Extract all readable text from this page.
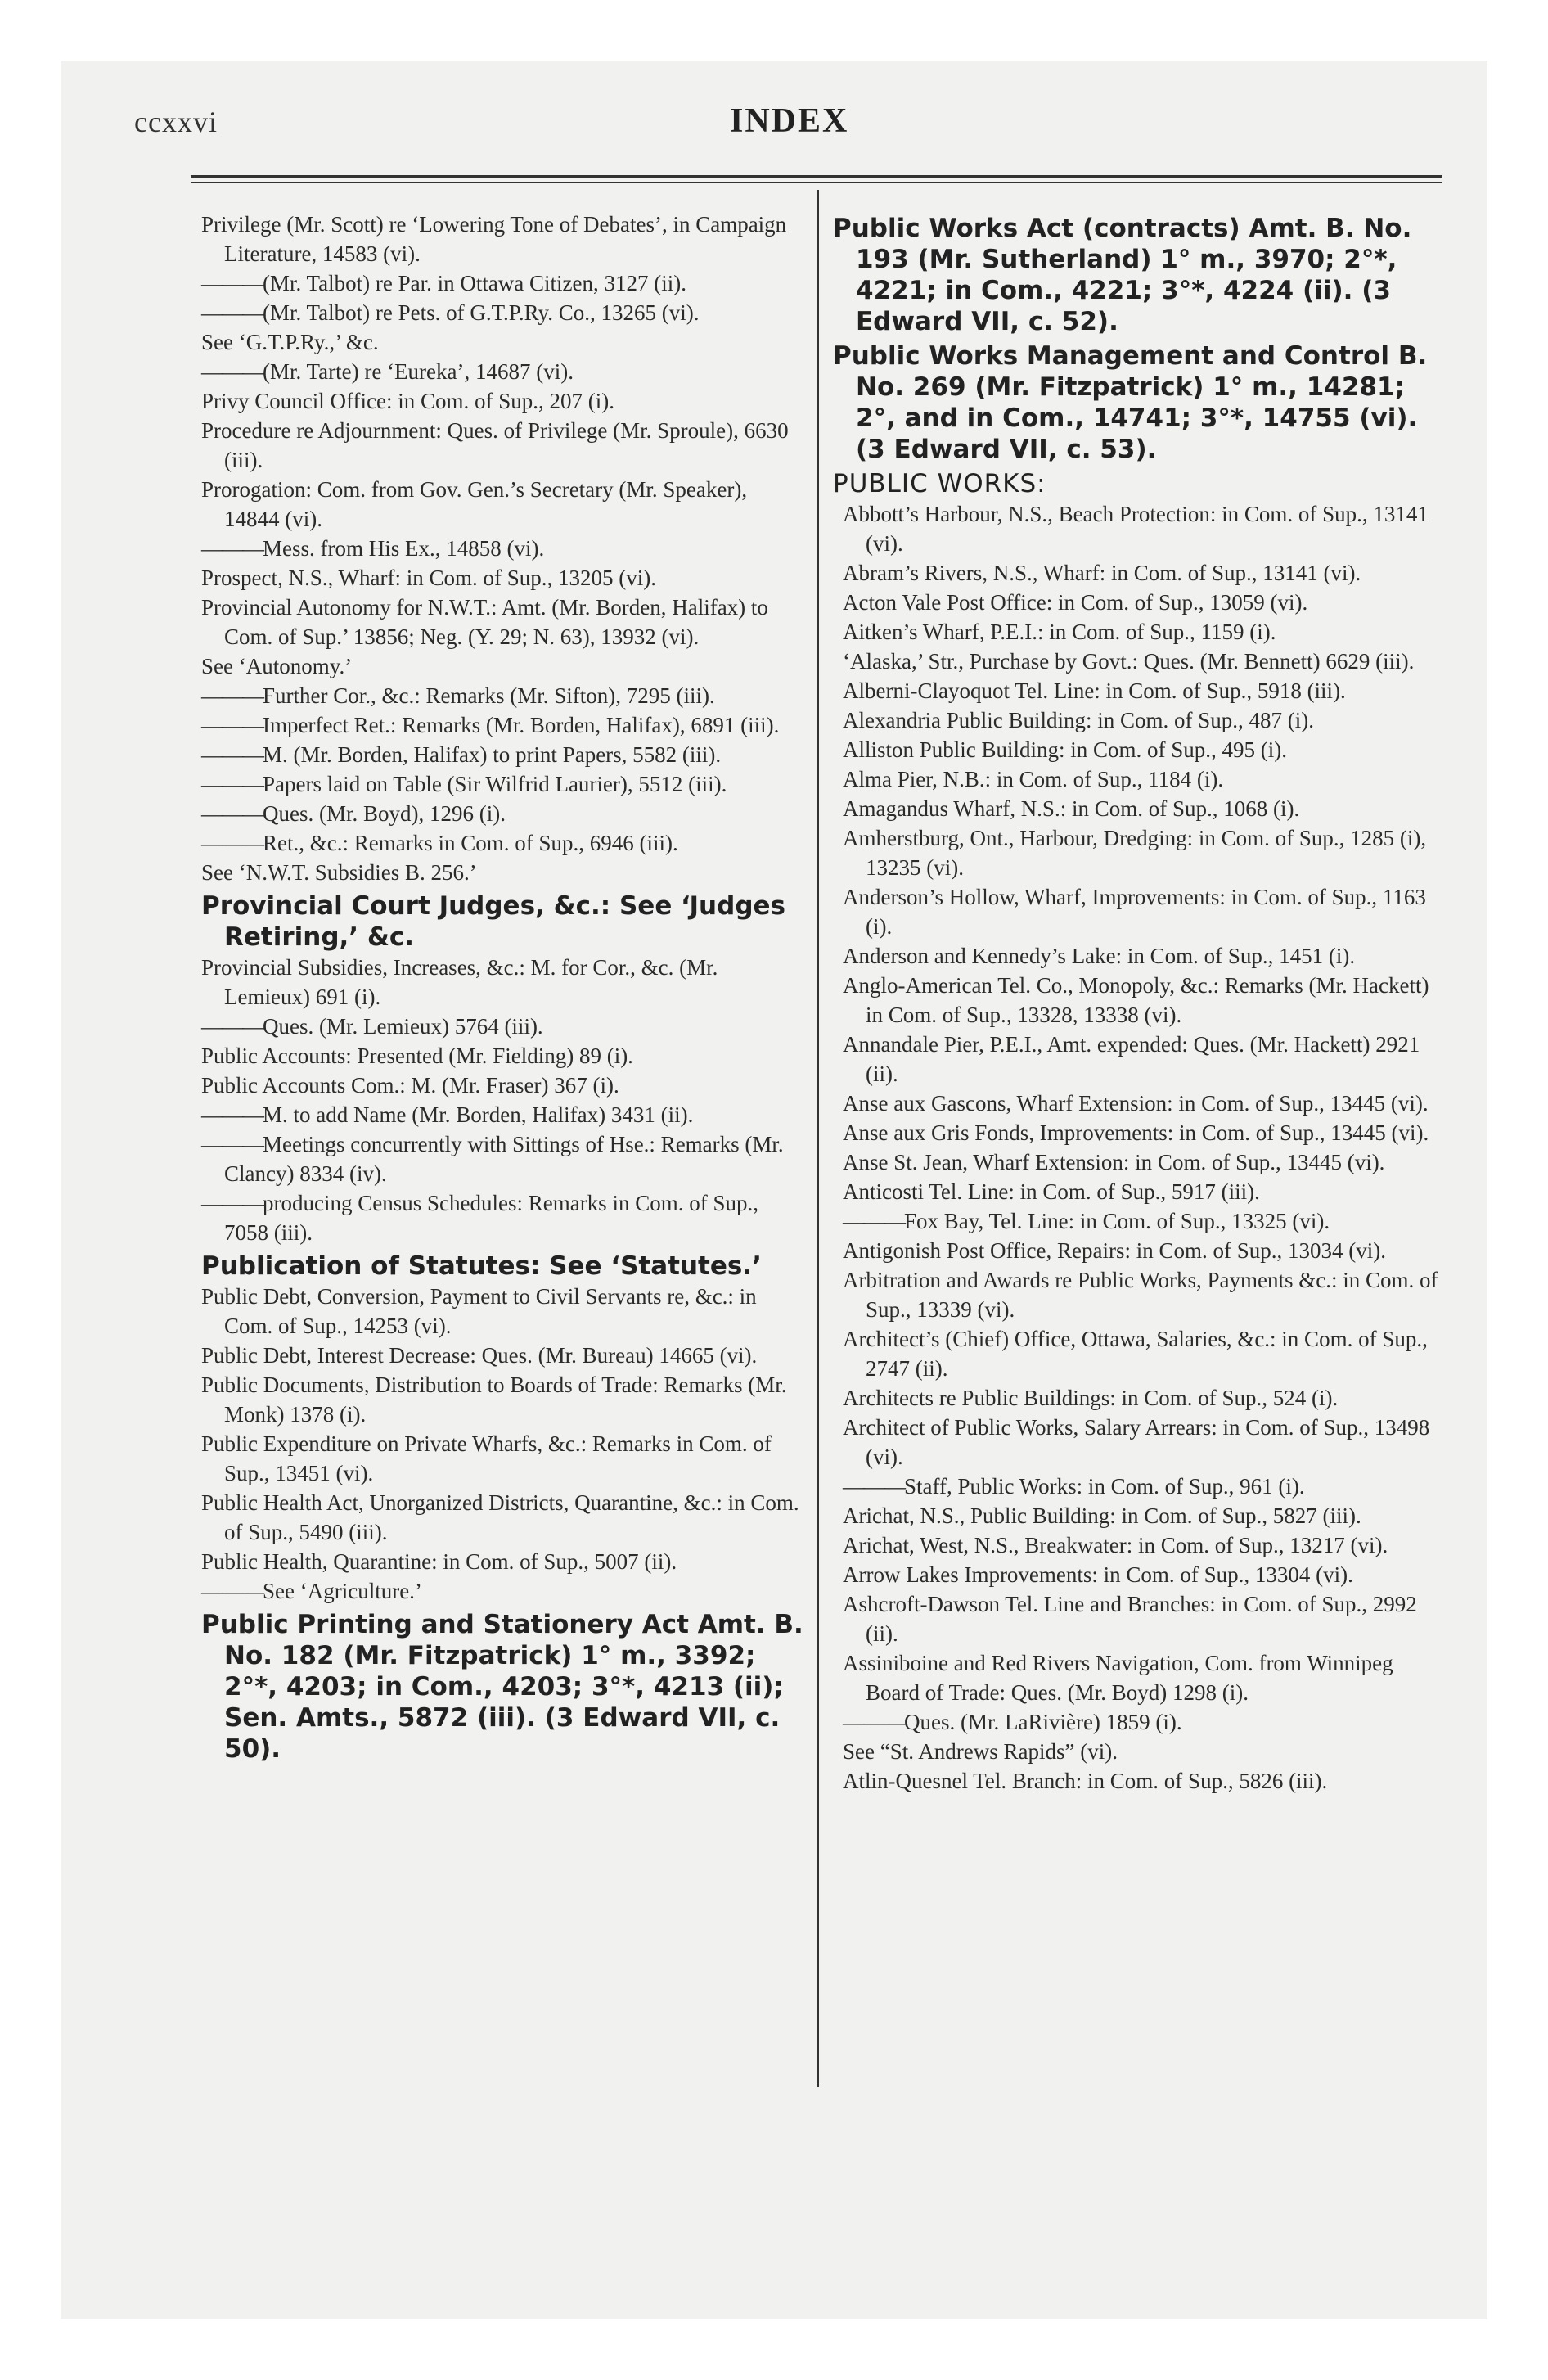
ccxxvi	INDEX

Privilege (Mr. Scott) re ‘Lowering Tone of Debates’, in Campaign Literature, 14583 (vi).

——— (Mr. Talbot) re Par. in Ottawa Citizen, 3127 (ii).

——— (Mr. Talbot) re Pets. of G.T.P.Ry. Co., 13265 (vi).

See ‘G.T.P.Ry.,’ &c.

——— (Mr. Tarte) re ‘Eureka’, 14687 (vi).

Privy Council Office: in Com. of Sup., 207 (i).

Procedure re Adjournment: Ques. of Privilege (Mr. Sproule), 6630 (iii).

Prorogation: Com. from Gov. Gen.’s Secretary (Mr. Speaker), 14844 (vi).

——— Mess. from His Ex., 14858 (vi).

Prospect, N.S., Wharf: in Com. of Sup., 13205 (vi).

Provincial Autonomy for N.W.T.: Amt. (Mr. Borden, Halifax) to Com. of Sup.’ 13856; Neg. (Y. 29; N. 63), 13932 (vi).

See ‘Autonomy.’

——— Further Cor., &c.: Remarks (Mr. Sifton), 7295 (iii).

——— Imperfect Ret.: Remarks (Mr. Borden, Halifax), 6891 (iii).

——— M. (Mr. Borden, Halifax) to print Papers, 5582 (iii).

——— Papers laid on Table (Sir Wilfrid Laurier), 5512 (iii).

——— Ques. (Mr. Boyd), 1296 (i).

——— Ret., &c.: Remarks in Com. of Sup., 6946 (iii).

See ‘N.W.T. Subsidies B. 256.’

Provincial Court Judges, &c.: See ‘Judges Retiring,’ &c.

Provincial Subsidies, Increases, &c.: M. for Cor., &c. (Mr. Lemieux) 691 (i).

——— Ques. (Mr. Lemieux) 5764 (iii).

Public Accounts: Presented (Mr. Fielding) 89 (i).

Public Accounts Com.: M. (Mr. Fraser) 367 (i).

——— M. to add Name (Mr. Borden, Halifax) 3431 (ii).

——— Meetings concurrently with Sittings of Hse.: Remarks (Mr. Clancy) 8334 (iv).

——— producing Census Schedules: Remarks in Com. of Sup., 7058 (iii).

Publication of Statutes: See ‘Statutes.’

Public Debt, Conversion, Payment to Civil Servants re, &c.: in Com. of Sup., 14253 (vi).

Public Debt, Interest Decrease: Ques. (Mr. Bureau) 14665 (vi).

Public Documents, Distribution to Boards of Trade: Remarks (Mr. Monk) 1378 (i).

Public Expenditure on Private Wharfs, &c.: Remarks in Com. of Sup., 13451 (vi).

Public Health Act, Unorganized Districts, Quarantine, &c.: in Com. of Sup., 5490 (iii).

Public Health, Quarantine: in Com. of Sup., 5007 (ii).

——— See ‘Agriculture.’

Public Printing and Stationery Act Amt. B. No. 182 (Mr. Fitzpatrick) 1° m., 3392; 2°*, 4203; in Com., 4203; 3°*, 4213 (ii); Sen. Amts., 5872 (iii). (3 Edward VII, c. 50).

Public Works Act (contracts) Amt. B. No. 193 (Mr. Sutherland) 1° m., 3970; 2°*, 4221; in Com., 4221; 3°*, 4224 (ii). (3 Edward VII, c. 52).

Public Works Management and Control B. No. 269 (Mr. Fitzpatrick) 1° m., 14281; 2°, and in Com., 14741; 3°*, 14755 (vi). (3 Edward VII, c. 53).

PUBLIC WORKS:

Abbott’s Harbour, N.S., Beach Protection: in Com. of Sup., 13141 (vi).

Abram’s Rivers, N.S., Wharf: in Com. of Sup., 13141 (vi).

Acton Vale Post Office: in Com. of Sup., 13059 (vi).

Aitken’s Wharf, P.E.I.: in Com. of Sup., 1159 (i).

‘Alaska,’ Str., Purchase by Govt.: Ques. (Mr. Bennett) 6629 (iii).

Alberni-Clayoquot Tel. Line: in Com. of Sup., 5918 (iii).

Alexandria Public Building: in Com. of Sup., 487 (i).

Alliston Public Building: in Com. of Sup., 495 (i).

Alma Pier, N.B.: in Com. of Sup., 1184 (i).

Amagandus Wharf, N.S.: in Com. of Sup., 1068 (i).

Amherstburg, Ont., Harbour, Dredging: in Com. of Sup., 1285 (i), 13235 (vi).

Anderson’s Hollow, Wharf, Improvements: in Com. of Sup., 1163 (i).

Anderson and Kennedy’s Lake: in Com. of Sup., 1451 (i).

Anglo-American Tel. Co., Monopoly, &c.: Remarks (Mr. Hackett) in Com. of Sup., 13328, 13338 (vi).

Annandale Pier, P.E.I., Amt. expended: Ques. (Mr. Hackett) 2921 (ii).

Anse aux Gascons, Wharf Extension: in Com. of Sup., 13445 (vi).

Anse aux Gris Fonds, Improvements: in Com. of Sup., 13445 (vi).

Anse St. Jean, Wharf Extension: in Com. of Sup., 13445 (vi).

Anticosti Tel. Line: in Com. of Sup., 5917 (iii).

——— Fox Bay, Tel. Line: in Com. of Sup., 13325 (vi).

Antigonish Post Office, Repairs: in Com. of Sup., 13034 (vi).

Arbitration and Awards re Public Works, Payments &c.: in Com. of Sup., 13339 (vi).

Architect’s (Chief) Office, Ottawa, Salaries, &c.: in Com. of Sup., 2747 (ii).

Architects re Public Buildings: in Com. of Sup., 524 (i).

Architect of Public Works, Salary Arrears: in Com. of Sup., 13498 (vi).

——— Staff, Public Works: in Com. of Sup., 961 (i).

Arichat, N.S., Public Building: in Com. of Sup., 5827 (iii).

Arichat, West, N.S., Breakwater: in Com. of Sup., 13217 (vi).

Arrow Lakes Improvements: in Com. of Sup., 13304 (vi).

Ashcroft-Dawson Tel. Line and Branches: in Com. of Sup., 2992 (ii).

Assiniboine and Red Rivers Navigation, Com. from Winnipeg Board of Trade: Ques. (Mr. Boyd) 1298 (i).

——— Ques. (Mr. LaRivière) 1859 (i).

See “St. Andrews Rapids” (vi).

Atlin-Quesnel Tel. Branch: in Com. of Sup., 5826 (iii).
